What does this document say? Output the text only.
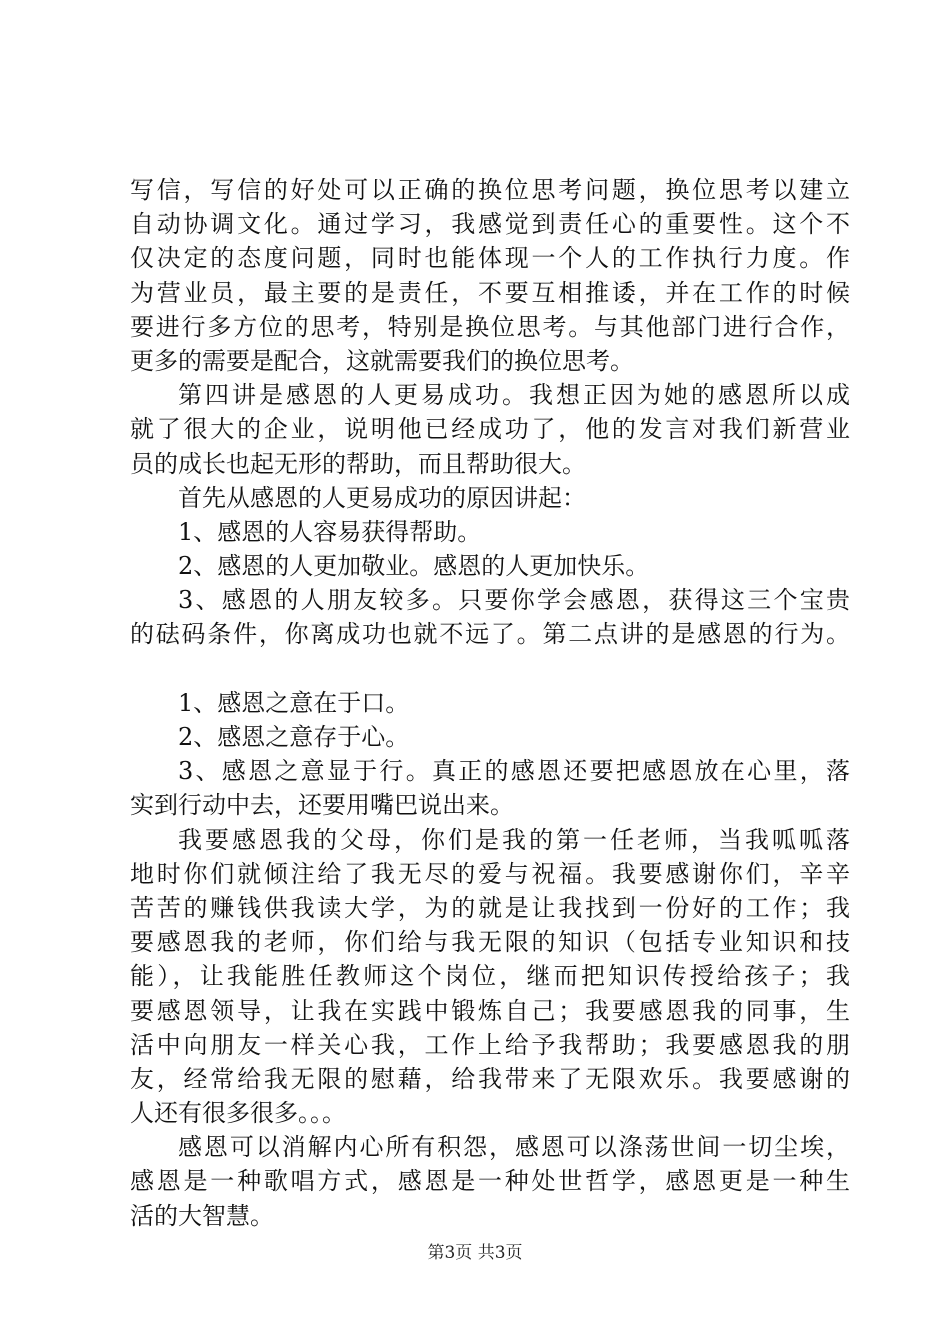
写信，写信的好处可以正确的换位思考问题，换位思考以建立
自动协调文化。通过学习，我感觉到责任心的重要性。这个不
仅决定的态度问题，同时也能体现一个人的工作执行力度。作
为营业员，最主要的是责任，不要互相推诿，并在工作的时候
要进行多方位的思考，特别是换位思考。与其他部门进行合作，
更多的需要是配合，这就需要我们的换位思考。
第四讲是感恩的人更易成功。我想正因为她的感恩所以成
就了很大的企业，说明他已经成功了，他的发言对我们新营业
员的成长也起无形的帮助，而且帮助很大。
首先从感恩的人更易成功的原因讲起：
1、感恩的人容易获得帮助。
2、感恩的人更加敬业。感恩的人更加快乐。
3、感恩的人朋友较多。只要你学会感恩，获得这三个宝贵
的砝码条件，你离成功也就不远了。第二点讲的是感恩的行为。
1、感恩之意在于口。
2、感恩之意存于心。
3、感恩之意显于行。真正的感恩还要把感恩放在心里，落
实到行动中去，还要用嘴巴说出来。
我要感恩我的父母，你们是我的第一任老师，当我呱呱落
地时你们就倾注给了我无尽的爱与祝福。我要感谢你们，辛辛
苦苦的赚钱供我读大学，为的就是让我找到一份好的工作；我
要感恩我的老师，你们给与我无限的知识（包括专业知识和技
能），让我能胜任教师这个岗位，继而把知识传授给孩子；我
要感恩领导，让我在实践中锻炼自己；我要感恩我的同事，生
活中向朋友一样关心我，工作上给予我帮助；我要感恩我的朋
友，经常给我无限的慰藉，给我带来了无限欢乐。我要感谢的
人还有很多很多。。。
感恩可以消解内心所有积怨，感恩可以涤荡世间一切尘埃，
感恩是一种歌唱方式，感恩是一种处世哲学，感恩更是一种生
活的大智慧。
第3页 共3页
